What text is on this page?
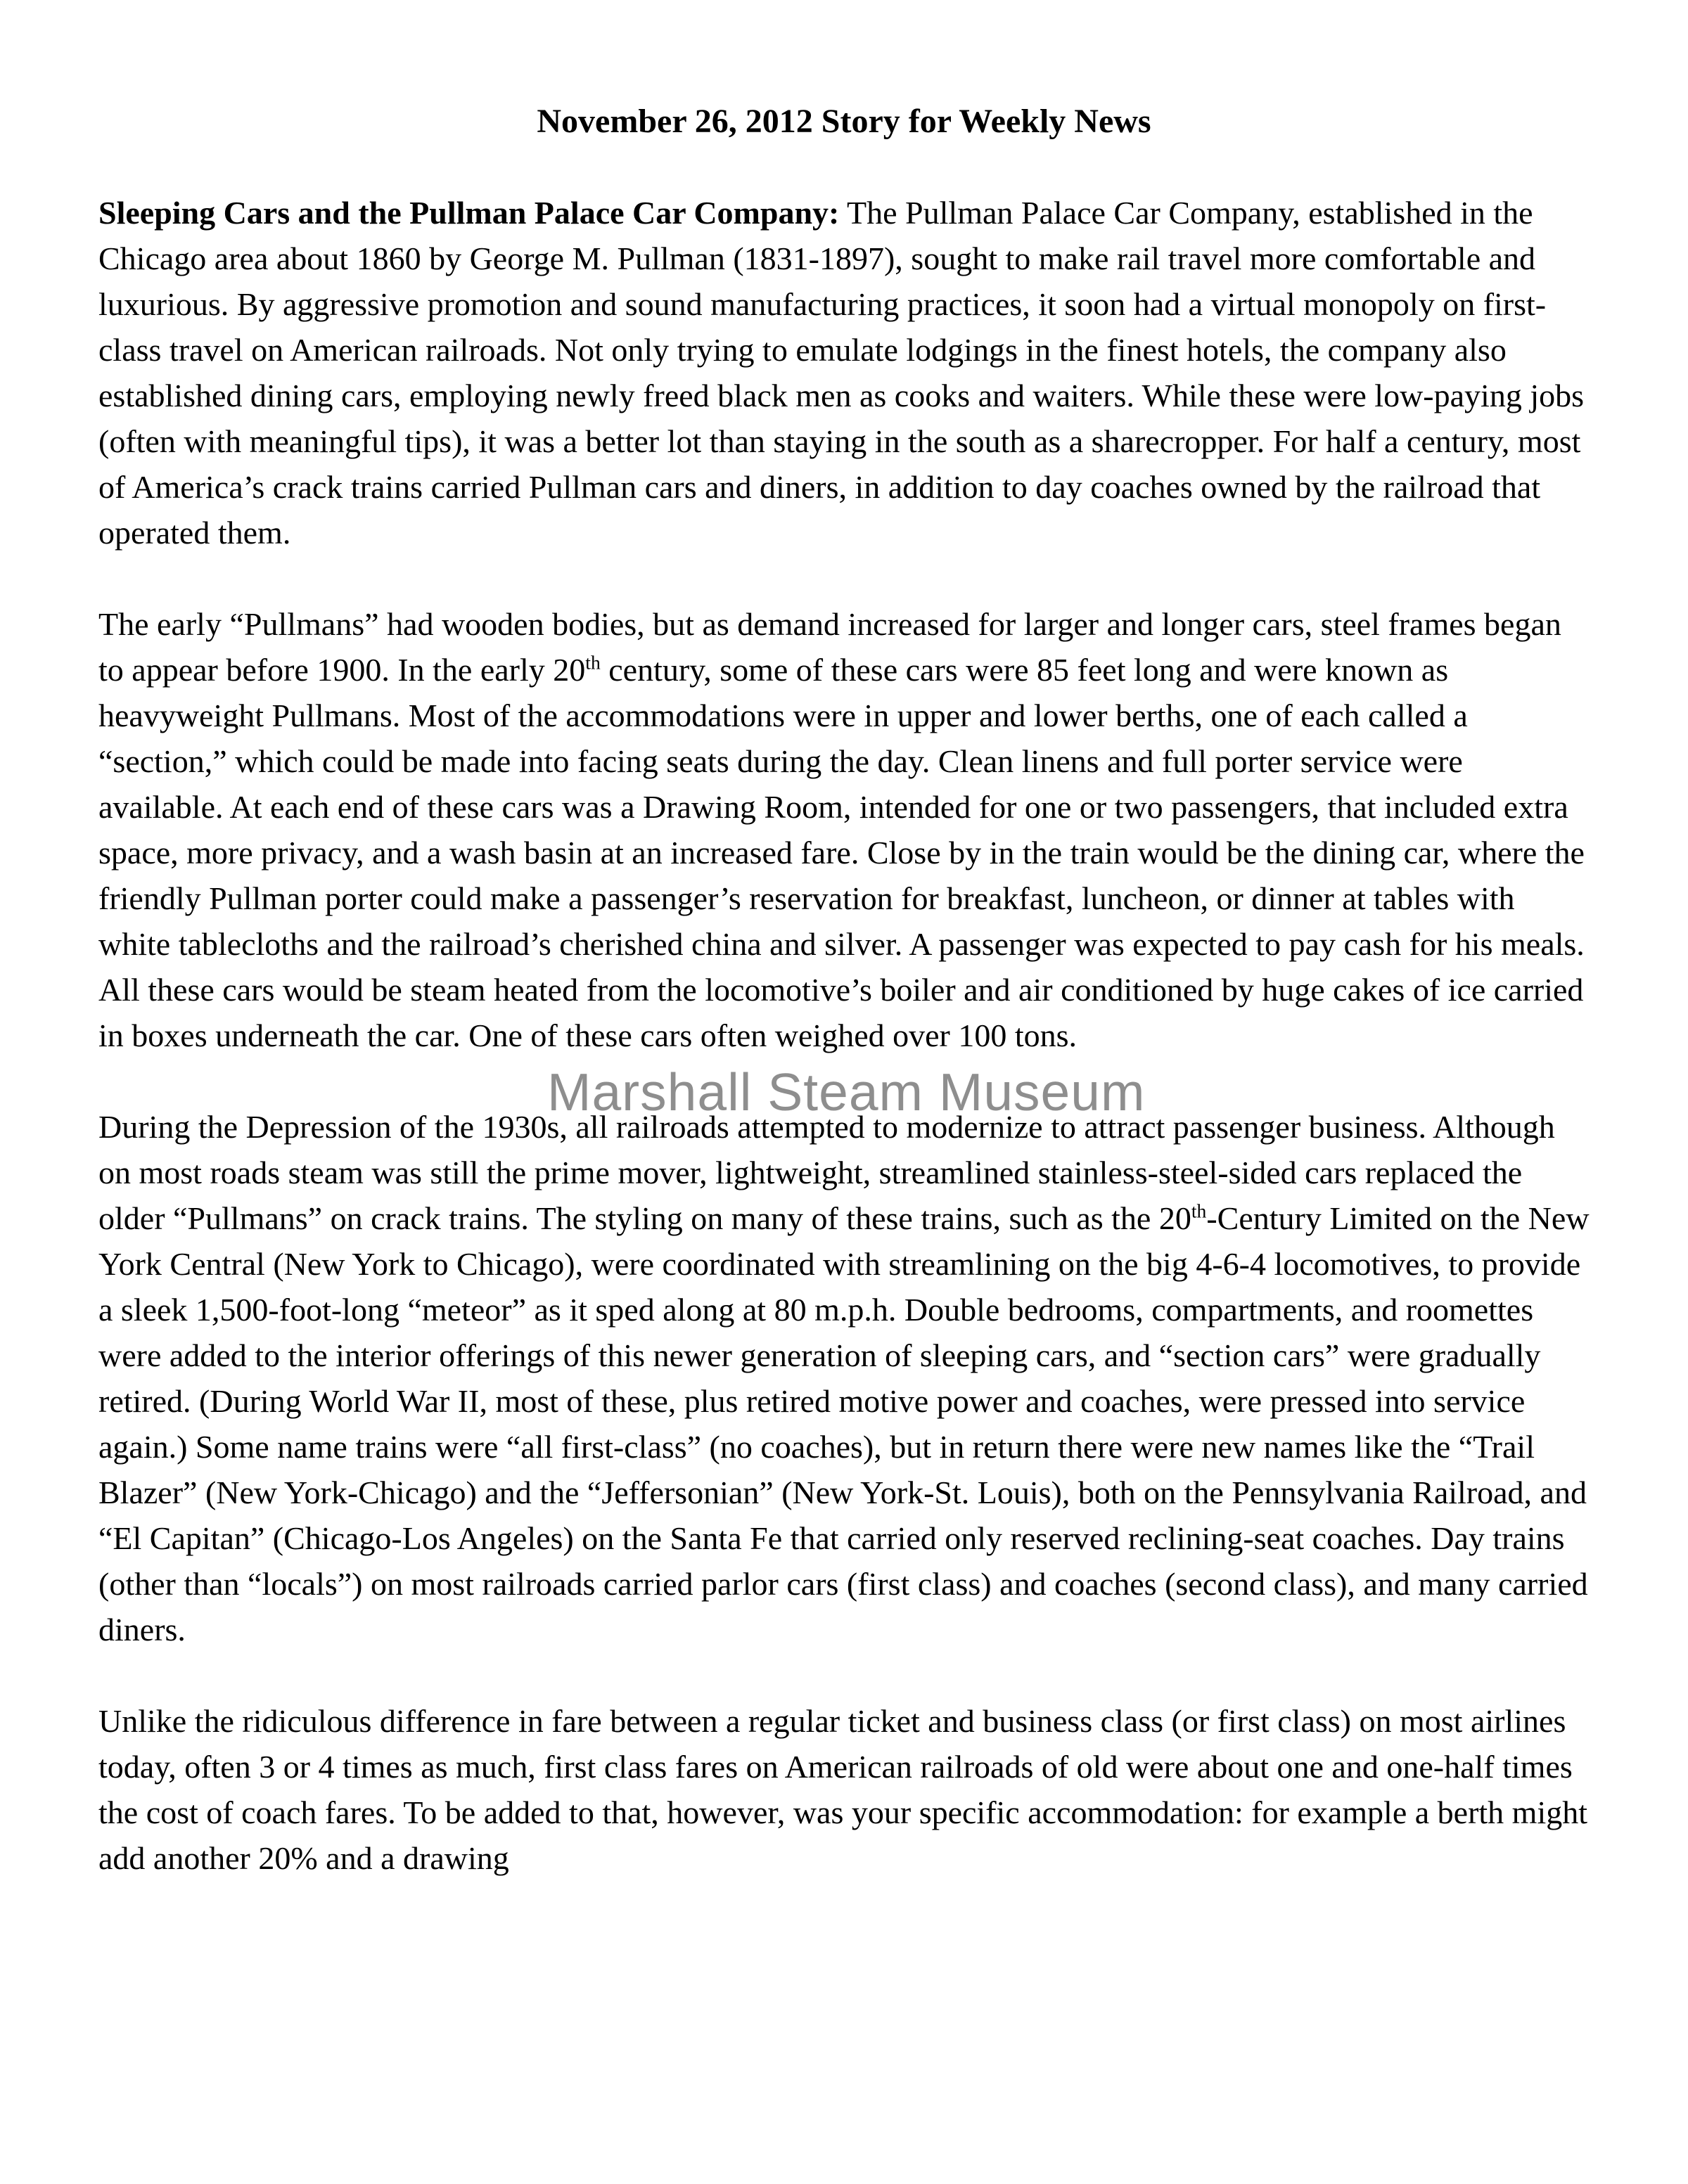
Marshall Steam Museum
November 26, 2012 Story for Weekly News

Sleeping Cars and the Pullman Palace Car Company: The Pullman Palace Car Company, established in the Chicago area about 1860 by George M. Pullman (1831-1897), sought to make rail travel more comfortable and luxurious. By aggressive promotion and sound manufacturing practices, it soon had a virtual monopoly on first-class travel on American railroads. Not only trying to emulate lodgings in the finest hotels, the company also established dining cars, employing newly freed black men as cooks and waiters. While these were low-paying jobs (often with meaningful tips), it was a better lot than staying in the south as a sharecropper. For half a century, most of America’s crack trains carried Pullman cars and diners, in addition to day coaches owned by the railroad that operated them.

The early “Pullmans” had wooden bodies, but as demand increased for larger and longer cars, steel frames began to appear before 1900. In the early 20th century, some of these cars were 85 feet long and were known as heavyweight Pullmans. Most of the accommodations were in upper and lower berths, one of each called a “section,” which could be made into facing seats during the day. Clean linens and full porter service were available. At each end of these cars was a Drawing Room, intended for one or two passengers, that included extra space, more privacy, and a wash basin at an increased fare. Close by in the train would be the dining car, where the friendly Pullman porter could make a passenger’s reservation for breakfast, luncheon, or dinner at tables with white tablecloths and the railroad’s cherished china and silver. A passenger was expected to pay cash for his meals. All these cars would be steam heated from the locomotive’s boiler and air conditioned by huge cakes of ice carried in boxes underneath the car. One of these cars often weighed over 100 tons.

During the Depression of the 1930s, all railroads attempted to modernize to attract passenger business. Although on most roads steam was still the prime mover, lightweight, streamlined stainless-steel-sided cars replaced the older “Pullmans” on crack trains. The styling on many of these trains, such as the 20th-Century Limited on the New York Central (New York to Chicago), were coordinated with streamlining on the big 4-6-4 locomotives, to provide a sleek 1,500-foot-long “meteor” as it sped along at 80 m.p.h. Double bedrooms, compartments, and roomettes were added to the interior offerings of this newer generation of sleeping cars, and “section cars” were gradually retired. (During World War II, most of these, plus retired motive power and coaches, were pressed into service again.) Some name trains were “all first-class” (no coaches), but in return there were new names like the “Trail Blazer” (New York-Chicago) and the “Jeffersonian” (New York-St. Louis), both on the Pennsylvania Railroad, and “El Capitan” (Chicago-Los Angeles) on the Santa Fe that carried only reserved reclining-seat coaches. Day trains (other than “locals”) on most railroads carried parlor cars (first class) and coaches (second class), and many carried diners.

Unlike the ridiculous difference in fare between a regular ticket and business class (or first class) on most airlines today, often 3 or 4 times as much, first class fares on American railroads of old were about one and one-half times the cost of coach fares. To be added to that, however, was your specific accommodation: for example a berth might add another 20% and a drawing
